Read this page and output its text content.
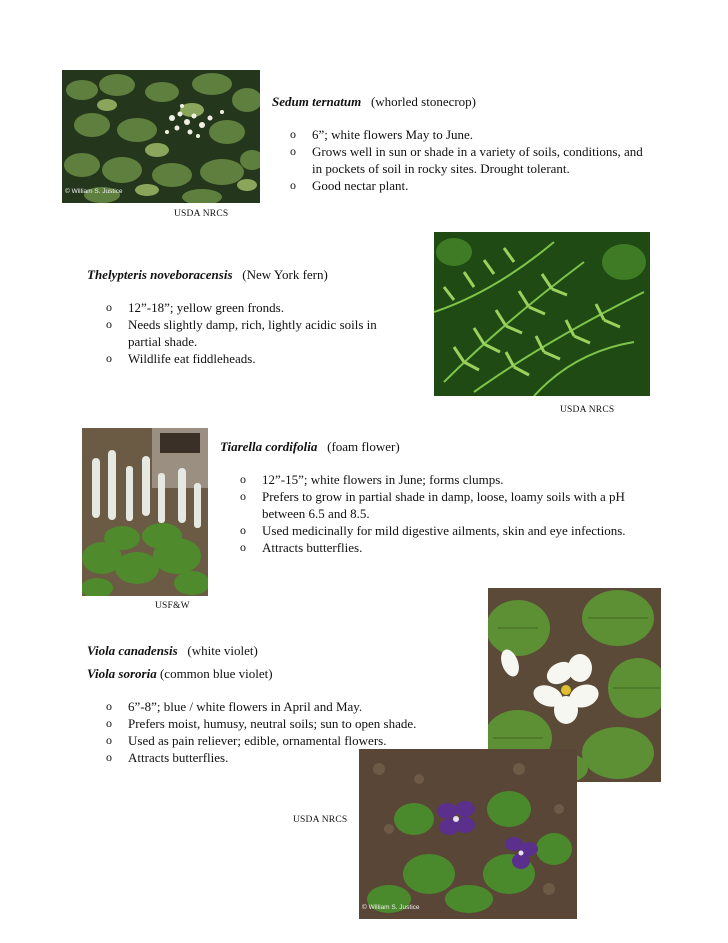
© William S. Justice
USDA NRCS
Sedum ternatum (whorled stonecrop)
o 6”; white flowers May to June.
o Grows well in sun or shade in a variety of soils, conditions, and in pockets of soil in rocky sites. Drought tolerant.
o Good nectar plant.
Thelypteris noveboracensis (New York fern)
o 12”-18”; yellow green fronds.
o Needs slightly damp, rich, lightly acidic soils in partial shade.
o Wildlife eat fiddleheads.
USDA NRCS
USF&W
Tiarella cordifolia (foam flower)
o 12”-15”; white flowers in June; forms clumps.
o Prefers to grow in partial shade in damp, loose, loamy soils with a pH between 6.5 and 8.5.
o Used medicinally for mild digestive ailments, skin and eye infections.
o Attracts butterflies.
Viola canadensis (white violet)
Viola sororia (common blue violet)
o 6”-8”; blue / white flowers in April and May.
o Prefers moist, humusy, neutral soils; sun to open shade.
o Used as pain reliever; edible, ornamental flowers.
o Attracts butterflies.
© William S. Justice
USDA NRCS
